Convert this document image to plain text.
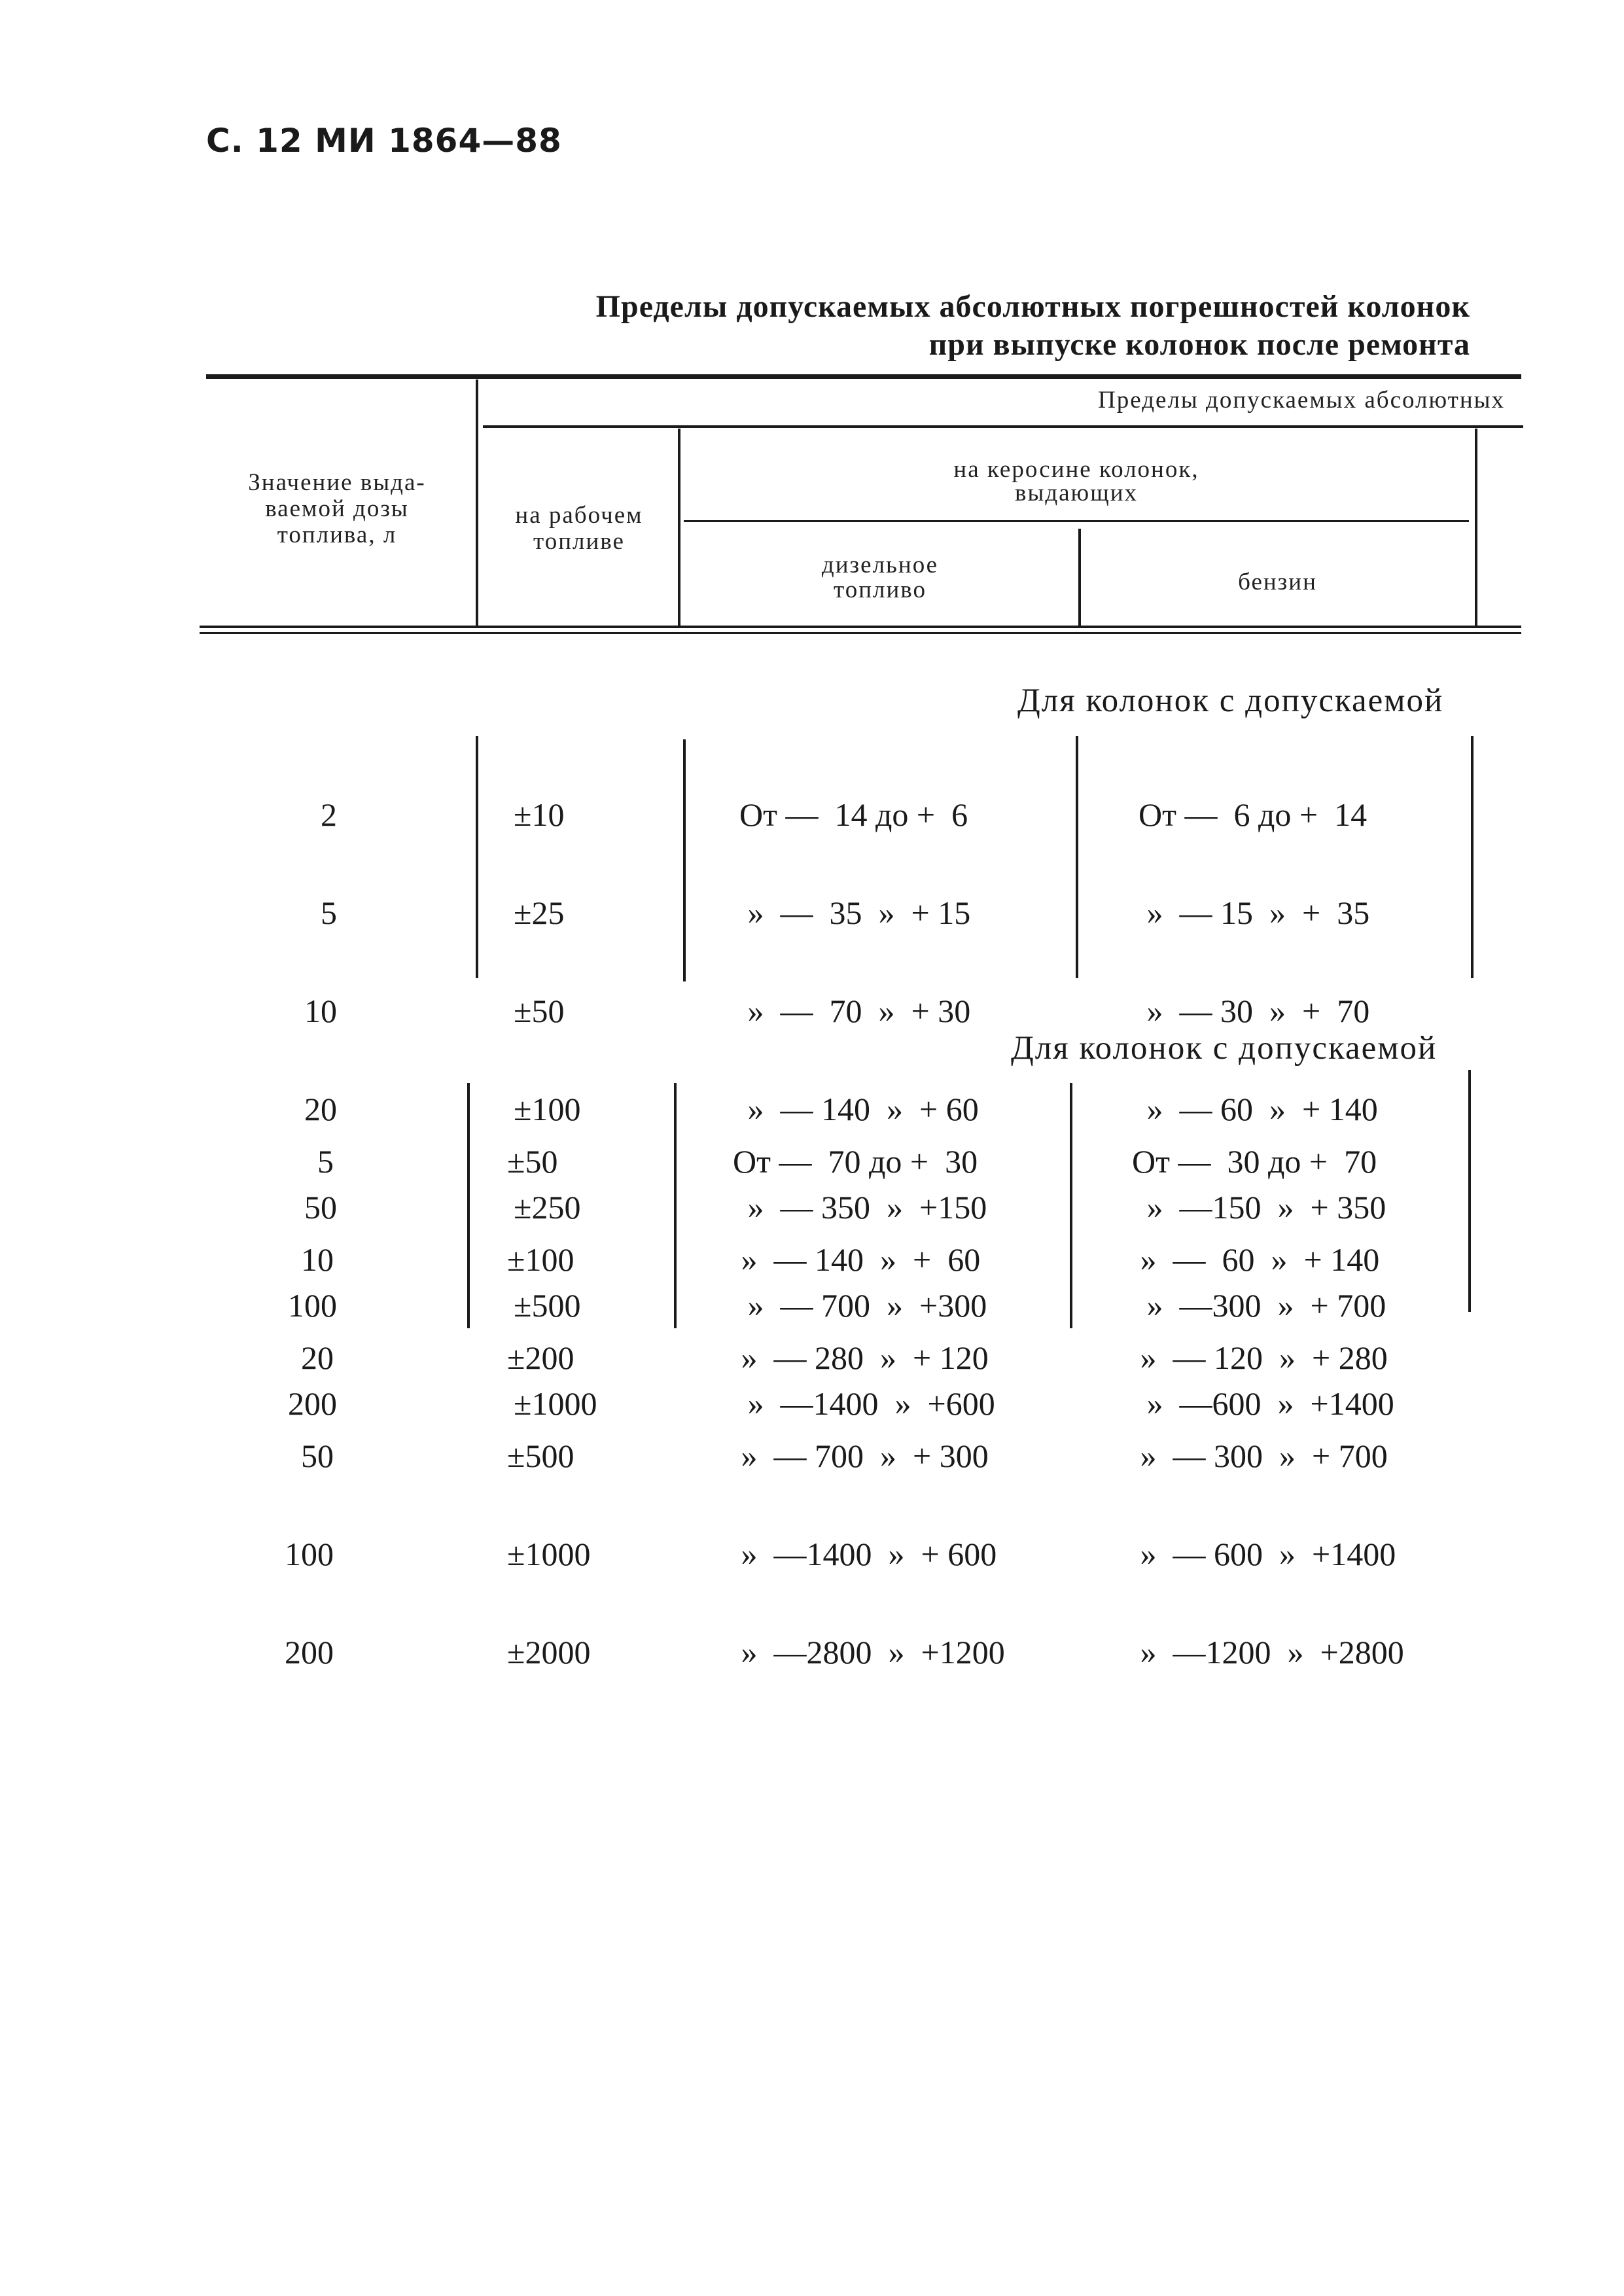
С. 12 МИ 1864—88
Пределы допускаемых абсолютных погрешностей колонок
при выпуске колонок после ремонта
Значение выда-
ваемой дозы
топлива, л
Пределы допускаемых абсолютных
на рабочем
топливе
на керосине колонок,
выдающих
дизельное
топливо	бензин
Для колонок с допускаемой

2

5

10

20

50

100

200

±10

±25

±50

±100

±250

±500

±1000

От —  14 до +  6

»  —  35  »  + 15

»  —  70  »  + 30

»  — 140  »  + 60

»  — 350  »  +150

»  — 700  »  +300

»  —1400  »  +600

От —  6 до +  14

»  — 15  »  +  35

»  — 30  »  +  70

»  — 60  »  + 140

»  —150  »  + 350

»  —300  »  + 700

»  —600  »  +1400

Для колонок с допускаемой

5

10

20

50

100

200

±50

±100

±200

±500

±1000

±2000

От —  70 до +  30

»  — 140  »  +  60

»  — 280  »  + 120

»  — 700  »  + 300

»  —1400  »  + 600

»  —2800  »  +1200

От —  30 до +  70

»  —  60  »  + 140

»  — 120  »  + 280

»  — 300  »  + 700

»  — 600  »  +1400

»  —1200  »  +2800
